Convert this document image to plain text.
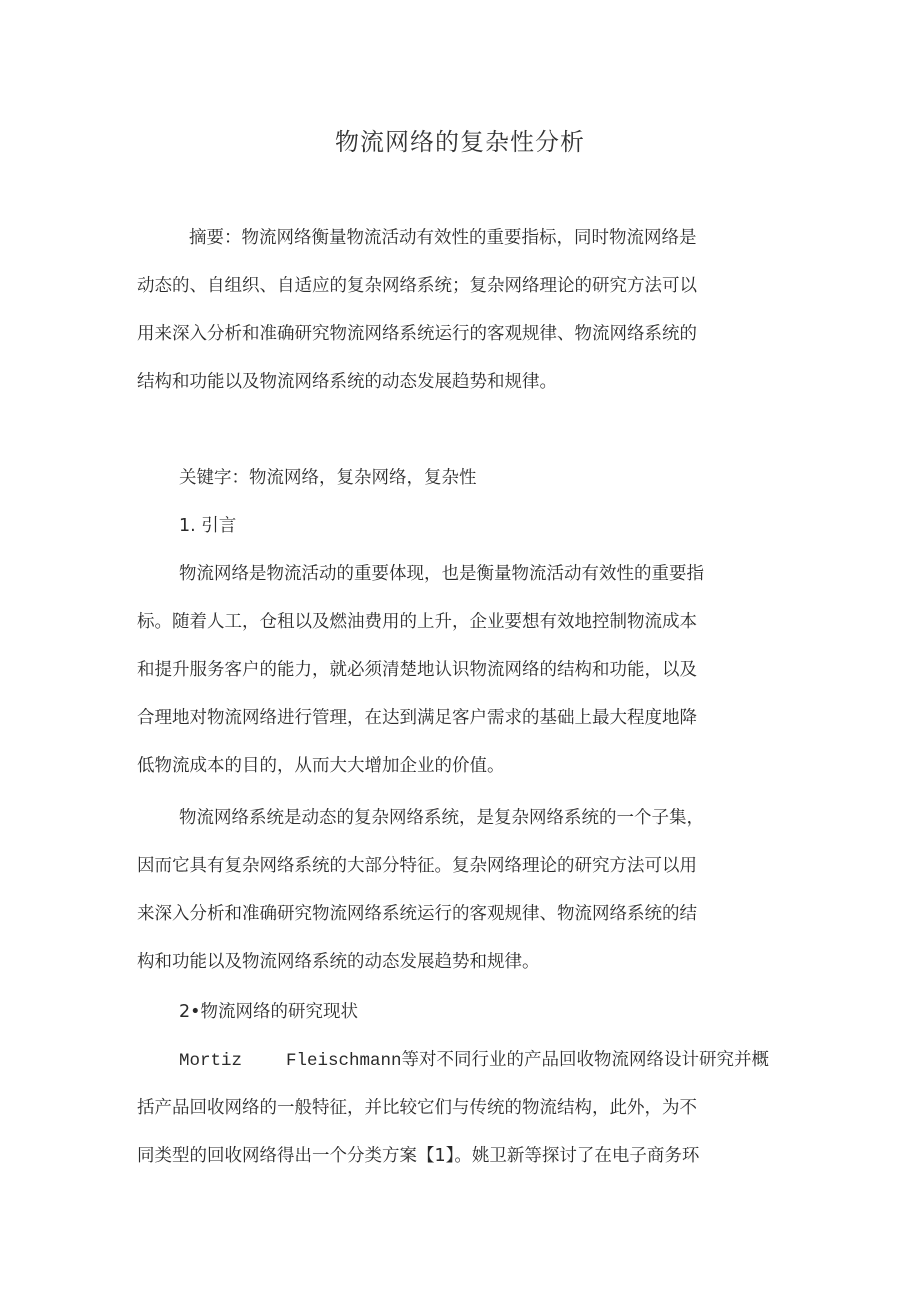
物流网络的复杂性分析
摘要：物流网络衡量物流活动有效性的重要指标，同时物流网络是
动态的、自组织、自适应的复杂网络系统；复杂网络理论的研究方法可以
用来深入分析和准确研究物流网络系统运行的客观规律、物流网络系统的
结构和功能以及物流网络系统的动态发展趋势和规律。
关键字：物流网络，复杂网络，复杂性
1. 引言
物流网络是物流活动的重要体现，也是衡量物流活动有效性的重要指
标。随着人工，仓租以及燃油费用的上升，企业要想有效地控制物流成本
和提升服务客户的能力，就必须清楚地认识物流网络的结构和功能，以及
合理地对物流网络进行管理，在达到满足客户需求的基础上最大程度地降
低物流成本的目的，从而大大增加企业的价值。
物流网络系统是动态的复杂网络系统，是复杂网络系统的一个子集，
因而它具有复杂网络系统的大部分特征。复杂网络理论的研究方法可以用
来深入分析和准确研究物流网络系统运行的客观规律、物流网络系统的结
构和功能以及物流网络系统的动态发展趋势和规律。
2•物流网络的研究现状
Mortiz	Fleischmann等对不同行业的产品回收物流网络设计研究并概
括产品回收网络的一般特征，并比较它们与传统的物流结构，此外，为不
同类型的回收网络得出一个分类方案【1】。姚卫新等探讨了在电子商务环
